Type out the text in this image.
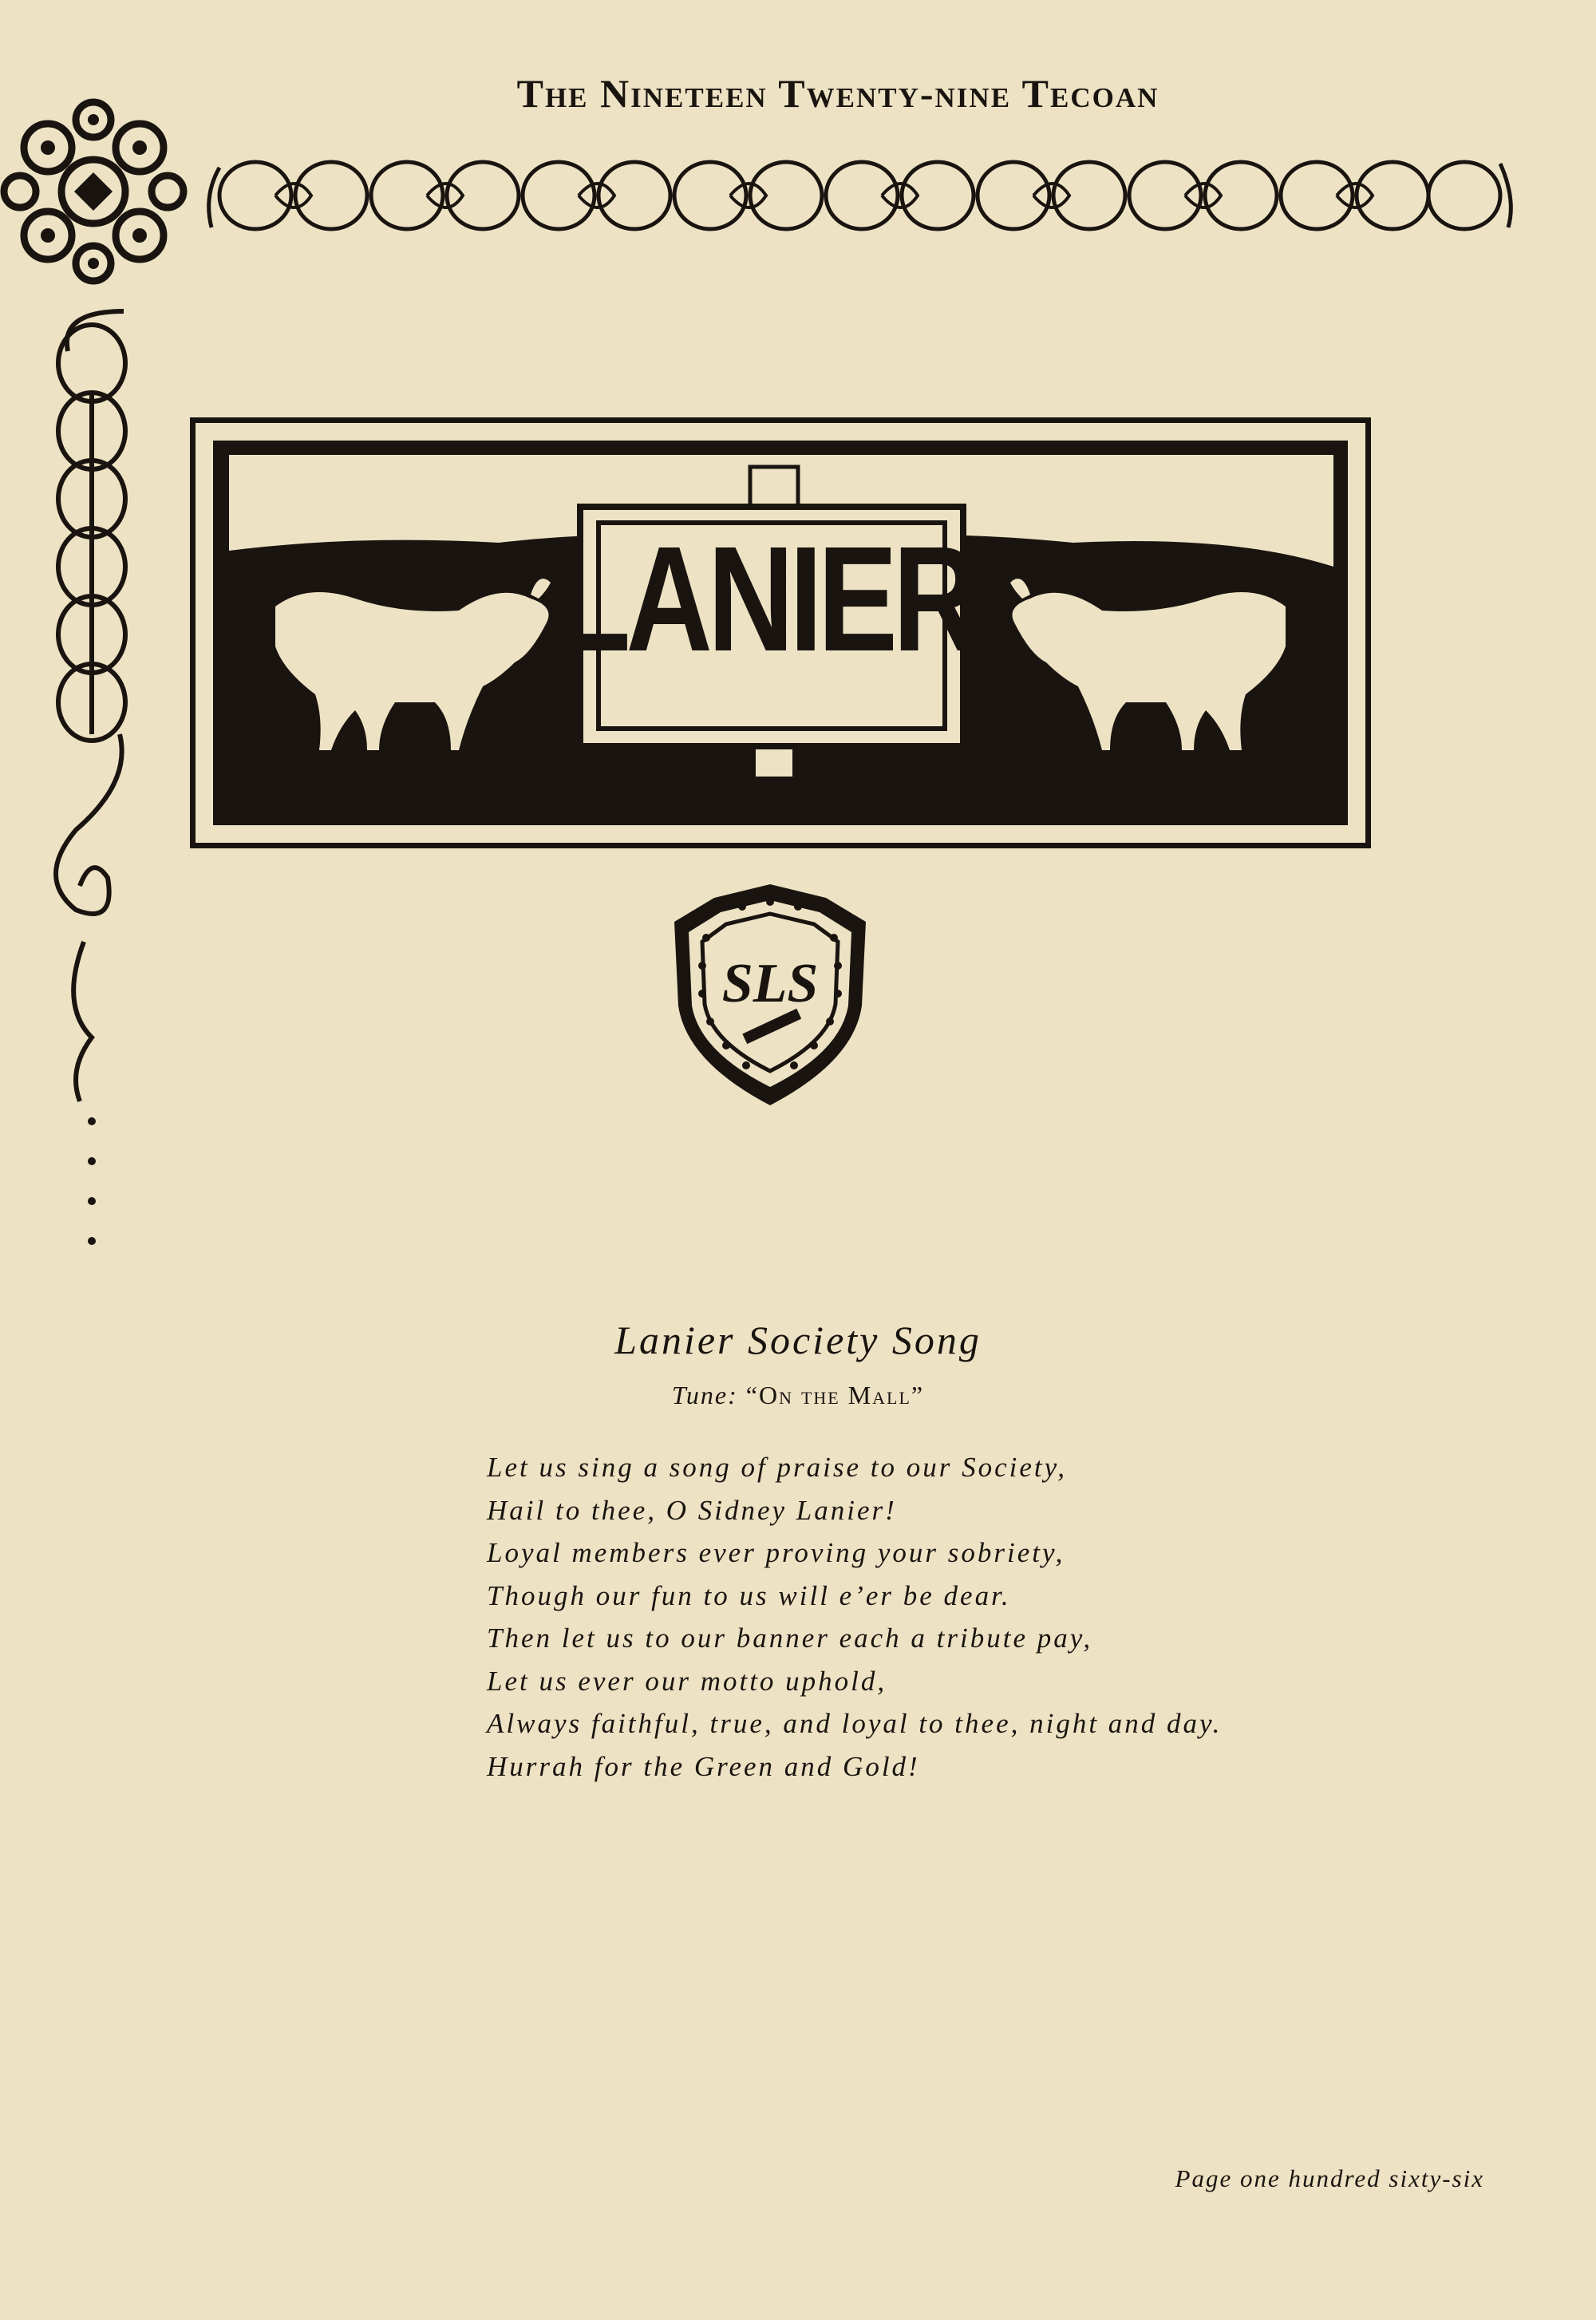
The Nineteen Twenty-nine Tecoan
LANIER
SLS
Lanier Society Song
Tune: “On the Mall”
Let us sing a song of praise to our Society,
Hail to thee, O Sidney Lanier!
Loyal members ever proving your sobriety,
Though our fun to us will e’er be dear.
Then let us to our banner each a tribute pay,
Let us ever our motto uphold,
Always faithful, true, and loyal to thee, night and day.
Hurrah for the Green and Gold!
Page one hundred sixty-six
